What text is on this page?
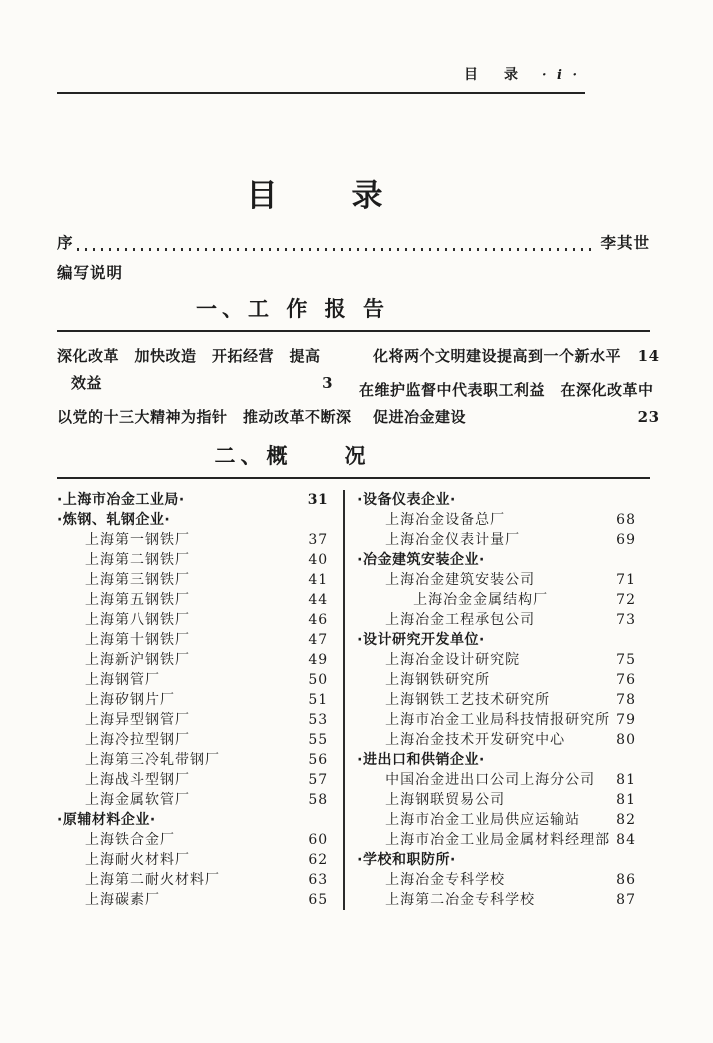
目　录 · i ·
目　　录
序	李其世
编写说明
一、工 作 报 告
深化改革　加快改造　开拓经营　提高
效益	3
以党的十三大精神为指针　推动改革不断深
化将两个文明建设提高到一个新水平	14
在维护监督中代表职工利益　在深化改革中
促进冶金建设	23
二、概　　况
·上海市冶金工业局·	31
·炼钢、轧钢企业·
上海第一钢铁厂	37
上海第二钢铁厂	40
上海第三钢铁厂	41
上海第五钢铁厂	44
上海第八钢铁厂	46
上海第十钢铁厂	47
上海新沪钢铁厂	49
上海钢管厂	50
上海矽钢片厂	51
上海异型钢管厂	53
上海冷拉型钢厂	55
上海第三冷轧带钢厂	56
上海战斗型钢厂	57
上海金属软管厂	58
·原辅材料企业·
上海铁合金厂	60
上海耐火材料厂	62
上海第二耐火材料厂	63
上海碳素厂	65
·设备仪表企业·
上海冶金设备总厂	68
上海冶金仪表计量厂	69
·冶金建筑安装企业·
上海冶金建筑安装公司	71
上海冶金金属结构厂	72
上海冶金工程承包公司	73
·设计研究开发单位·
上海冶金设计研究院	75
上海钢铁研究所	76
上海钢铁工艺技术研究所	78
上海市冶金工业局科技情报研究所 79
上海冶金技术开发研究中心	80
·进出口和供销企业·
中国冶金进出口公司上海分公司	81
上海钢联贸易公司	81
上海市冶金工业局供应运输站	82
上海市冶金工业局金属材料经理部 84
·学校和职防所·
上海冶金专科学校	86
上海第二冶金专科学校	87
